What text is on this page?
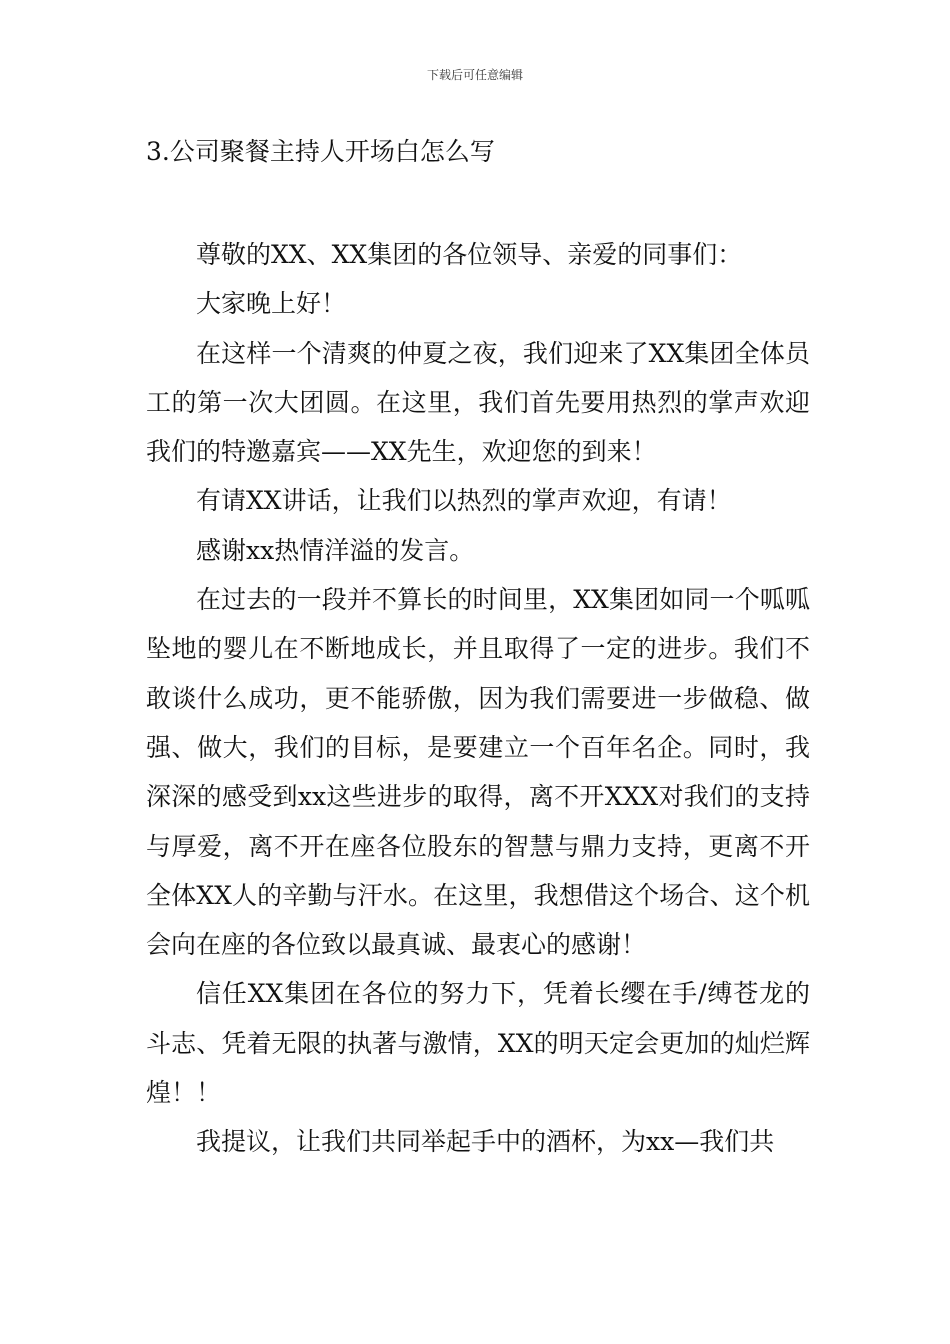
下载后可任意编辑
3.公司聚餐主持人开场白怎么写

尊敬的XX、XX集团的各位领导、亲爱的同事们：

大家晚上好！

在这样一个清爽的仲夏之夜，我们迎来了XX集团全体员工的第一次大团圆。在这里，我们首先要用热烈的掌声欢迎我们的特邀嘉宾——XX先生，欢迎您的到来！

有请XX讲话，让我们以热烈的掌声欢迎，有请！

感谢xx热情洋溢的发言。

在过去的一段并不算长的时间里，XX集团如同一个呱呱坠地的婴儿在不断地成长，并且取得了一定的进步。我们不敢谈什么成功，更不能骄傲，因为我们需要进一步做稳、做强、做大，我们的目标，是要建立一个百年名企。同时，我深深的感受到xx这些进步的取得，离不开XXX对我们的支持与厚爱，离不开在座各位股东的智慧与鼎力支持，更离不开全体XX人的辛勤与汗水。在这里，我想借这个场合、这个机会向在座的各位致以最真诚、最衷心的感谢！

信任XX集团在各位的努力下，凭着长缨在手/缚苍龙的斗志、凭着无限的执著与激情，XX的明天定会更加的灿烂辉煌！！

我提议，让我们共同举起手中的酒杯，为xx—我们共
